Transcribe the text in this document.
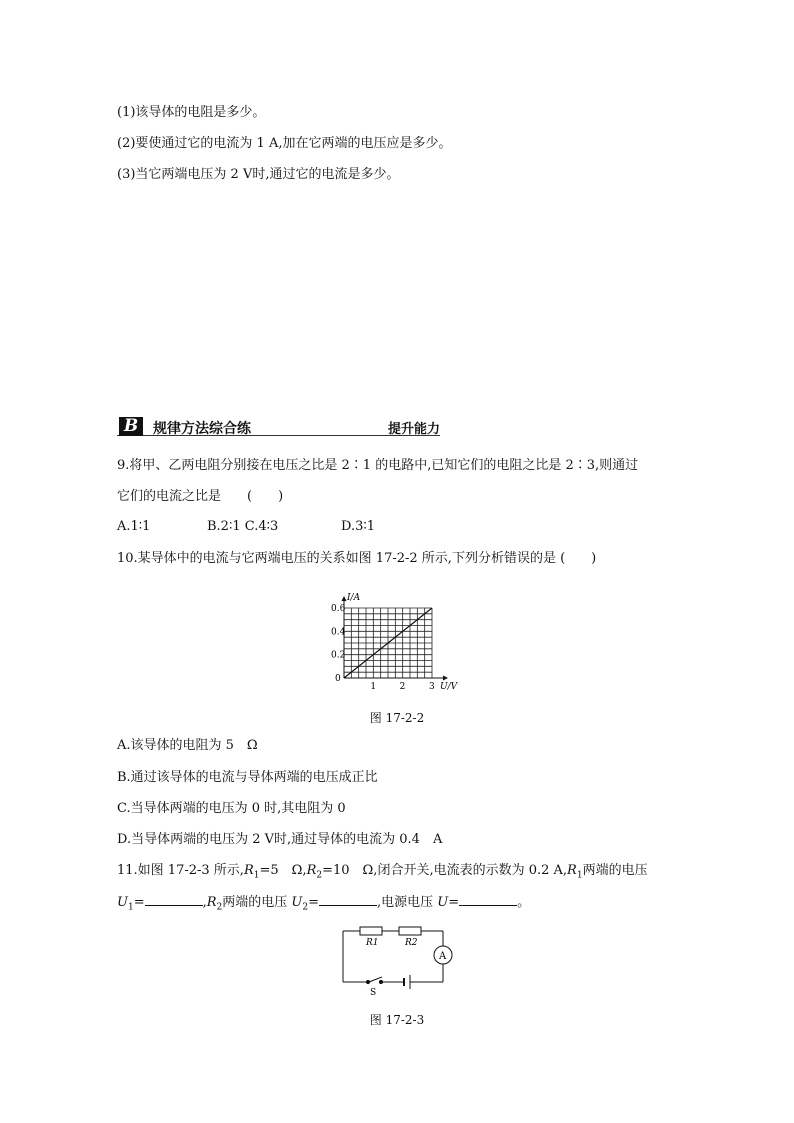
(1)该导体的电阻是多少。
(2)要使通过它的电流为 1 A,加在它两端的电压应是多少。
(3)当它两端电压为 2 V时,通过它的电流是多少。
B	规律方法综合练	提升能力
9.将甲、乙两电阻分别接在电压之比是 2∶1 的电路中,已知它们的电阻之比是 2∶3,则通过
它们的电流之比是　　(　　)
A.1∶1	B.2∶1 C.4∶3	D.3∶1
10.某导体中的电流与它两端电压的关系如图 17-2-2 所示,下列分析错误的是 (　　)
1	2	3
0.2
0.4
0.6
0
U/V
I/A
图 17-2-2
A.该导体的电阻为 5　Ω
B.通过该导体的电流与导体两端的电压成正比
C.当导体两端的电压为 0 时,其电阻为 0
D.当导体两端的电压为 2 V时,通过导体的电流为 0.4　A
11.如图 17-2-3 所示$,R_1=5$　$\Omega,R_2=10$　Ω,闭合开关,电流表的示数为 0.2 $A,R_1$两端的电压
$U_1=$	$,R_2$两端的电压 $U_2=$	,电源电压 U=	。
R1	R2
A
S
图 17-2-3
